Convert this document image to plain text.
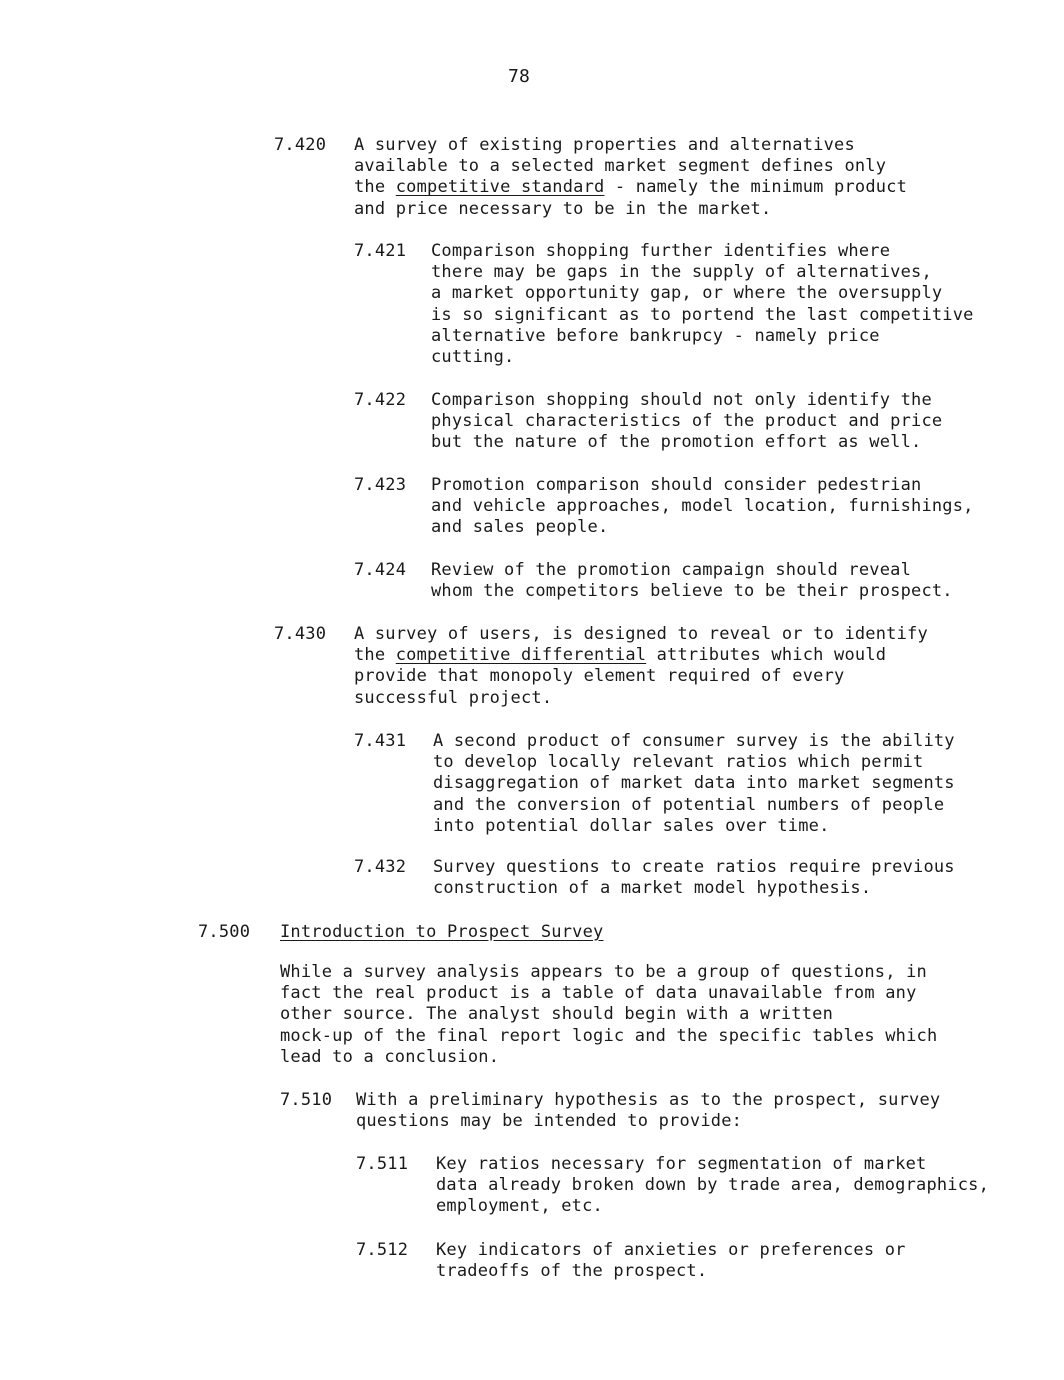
78
7.420 A survey of existing properties and alternatives

available to a selected market segment defines only

the competitive standard - namely the minimum product

and price necessary to be in the market.

7.421 Comparison shopping further identifies where

there may be gaps in the supply of alternatives,

a market opportunity gap, or where the oversupply

is so significant as to portend the last competitive

alternative before bankrupcy - namely price

cutting.

7.422 Comparison shopping should not only identify the

physical characteristics of the product and price

but the nature of the promotion effort as well.

7.423 Promotion comparison should consider pedestrian

and vehicle approaches, model location, furnishings,

and sales people.

7.424 Review of the promotion campaign should reveal

whom the competitors believe to be their prospect.

7.430 A survey of users, is designed to reveal or to identify

the competitive differential attributes which would

provide that monopoly element required of every

successful project.

7.431 A second product of consumer survey is the ability

to develop locally relevant ratios which permit

disaggregation of market data into market segments

and the conversion of potential numbers of people

into potential dollar sales over time.

7.432 Survey questions to create ratios require previous

construction of a market model hypothesis.

7.500 Introduction to Prospect Survey

While a survey analysis appears to be a group of questions, in

fact the real product is a table of data unavailable from any

other source. The analyst should begin with a written

mock-up of the final report logic and the specific tables which

lead to a conclusion.

7.510 With a preliminary hypothesis as to the prospect, survey

questions may be intended to provide:

7.511 Key ratios necessary for segmentation of market

data already broken down by trade area, demographics,

employment, etc.

7.512 Key indicators of anxieties or preferences or

tradeoffs of the prospect.
